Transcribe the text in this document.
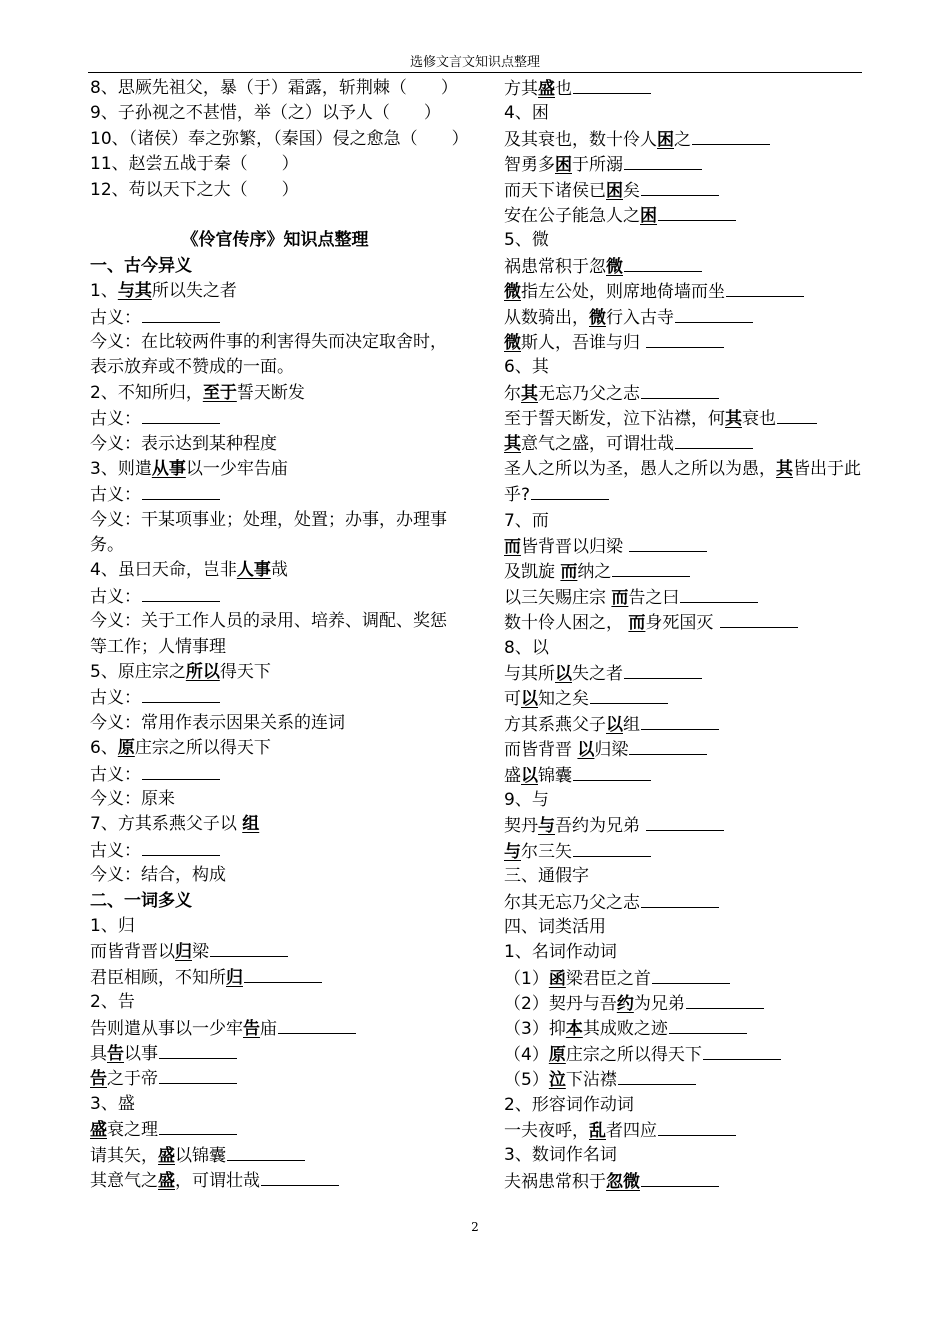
选修文言文知识点整理
8、思厥先祖父，暴（于）霜露，斩荆棘（　　）
9、子孙视之不甚惜，举（之）以予人（　　）
10、（诸侯）奉之弥繁，（秦国）侵之愈急（　　）
11、赵尝五战于秦（　　）
12、苟以天下之大（　　）
《伶官传序》知识点整理
一、古今异义
1、与其所以失之者
古义：
今义：在比较两件事的利害得失而决定取舍时，表示放弃或不赞成的一面。
2、不知所归，至于誓天断发
古义：
今义：表示达到某种程度
3、则遣从事以一少牢告庙
古义：
今义：干某项事业；处理，处置；办事，办理事务。
4、虽曰天命，岂非人事哉
古义：
今义：关于工作人员的录用、培养、调配、奖惩等工作；人情事理
5、原庄宗之所以得天下
古义：
今义：常用作表示因果关系的连词
6、原庄宗之所以得天下
古义：
今义：原来
7、方其系燕父子以 组
古义：
今义：结合，构成
二、一词多义
1、归
而皆背晋以归梁
君臣相顾，不知所归
2、告
告则遣从事以一少牢告庙
具告以事
告之于帝
3、盛
盛衰之理
请其矢，盛以锦囊
其意气之盛，可谓壮哉
方其盛也
4、困
及其衰也，数十伶人困之
智勇多困于所溺
而天下诸侯已困矣
安在公子能急人之困
5、微
祸患常积于忽微
微指左公处，则席地倚墙而坐
从数骑出，微行入古寺
微斯人，吾谁与归
6、其
尔其无忘乃父之志
至于誓天断发，泣下沾襟，何其衰也
其意气之盛，可谓壮哉
圣人之所以为圣，愚人之所以为愚，其皆出于此乎?
7、而
而皆背晋以归梁
及凯旋 而纳之
以三矢赐庄宗 而告之曰
数十伶人困之， 而身死国灭
8、以
与其所以失之者
可以知之矣
方其系燕父子以组
而皆背晋 以归梁
盛以锦囊
9、与
契丹与吾约为兄弟
与尔三矢
三、通假字
尔其无忘乃父之志
四、词类活用
1、名词作动词
（1）函梁君臣之首
（2）契丹与吾约为兄弟
（3）抑本其成败之迹
（4）原庄宗之所以得天下
（5）泣下沾襟
2、形容词作动词
一夫夜呼，乱者四应
3、数词作名词
夫祸患常积于忽微
2
